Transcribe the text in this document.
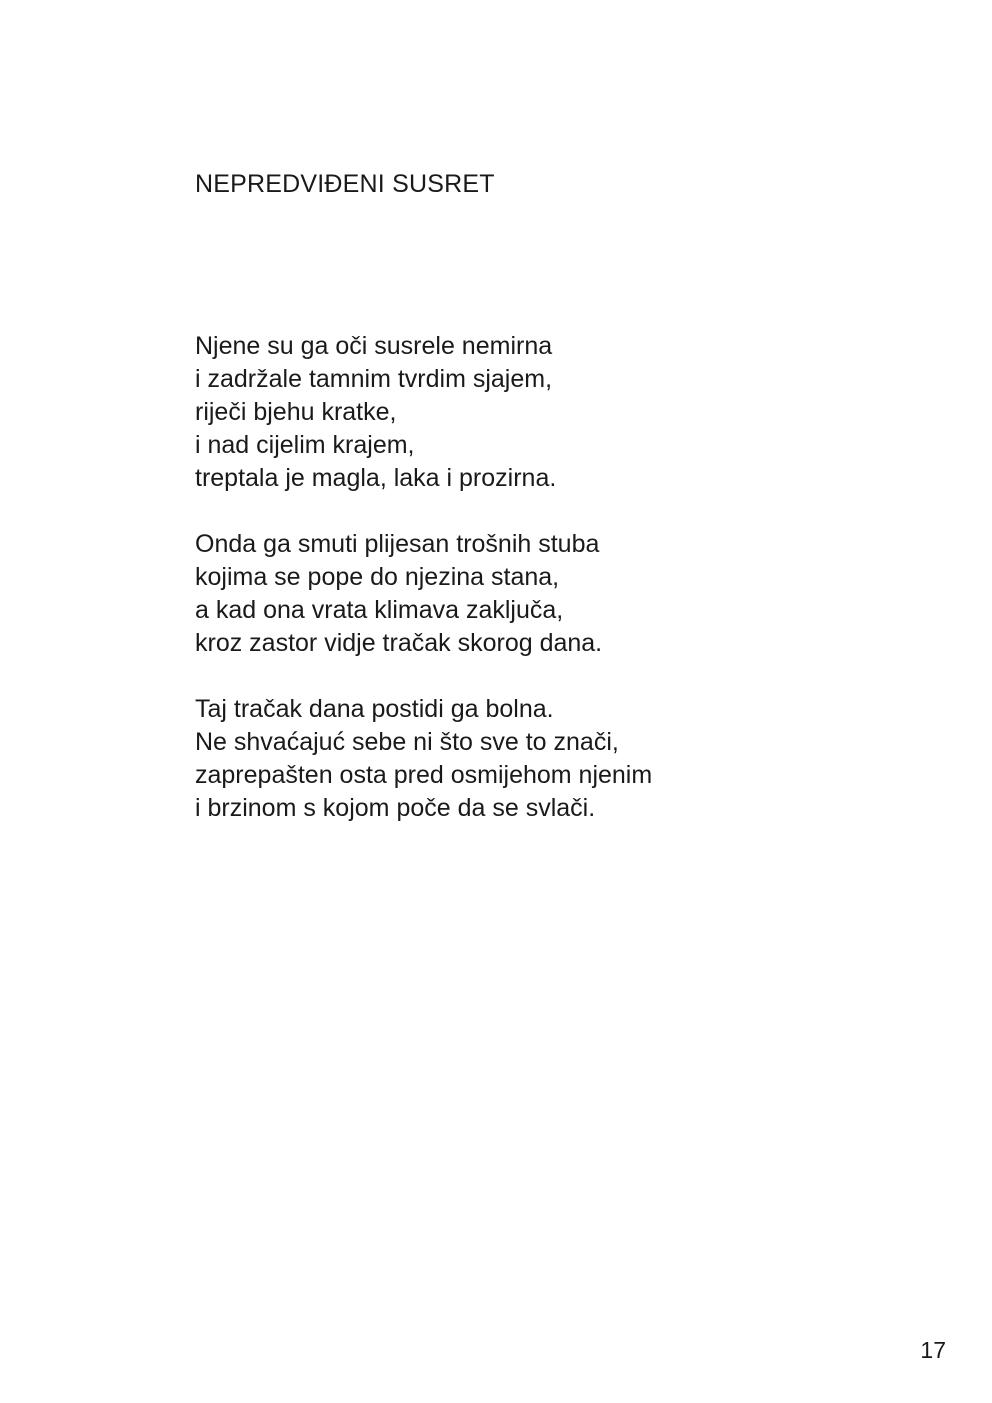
NEPREDVIĐENI SUSRET
Njene su ga oči susrele nemirna
i zadržale tamnim tvrdim sjajem,
riječi bjehu kratke,
i nad cijelim krajem,
treptala je magla, laka i prozirna.
Onda ga smuti plijesan trošnih stuba
kojima se pope do njezina stana,
a kad ona vrata klimava zaključa,
kroz zastor vidje tračak skorog dana.
Taj tračak dana postidi ga bolna.
Ne shvaćajuć sebe ni što sve to znači,
zaprepašten osta pred osmijehom njenim
i brzinom s kojom poče da se svlači.
17
